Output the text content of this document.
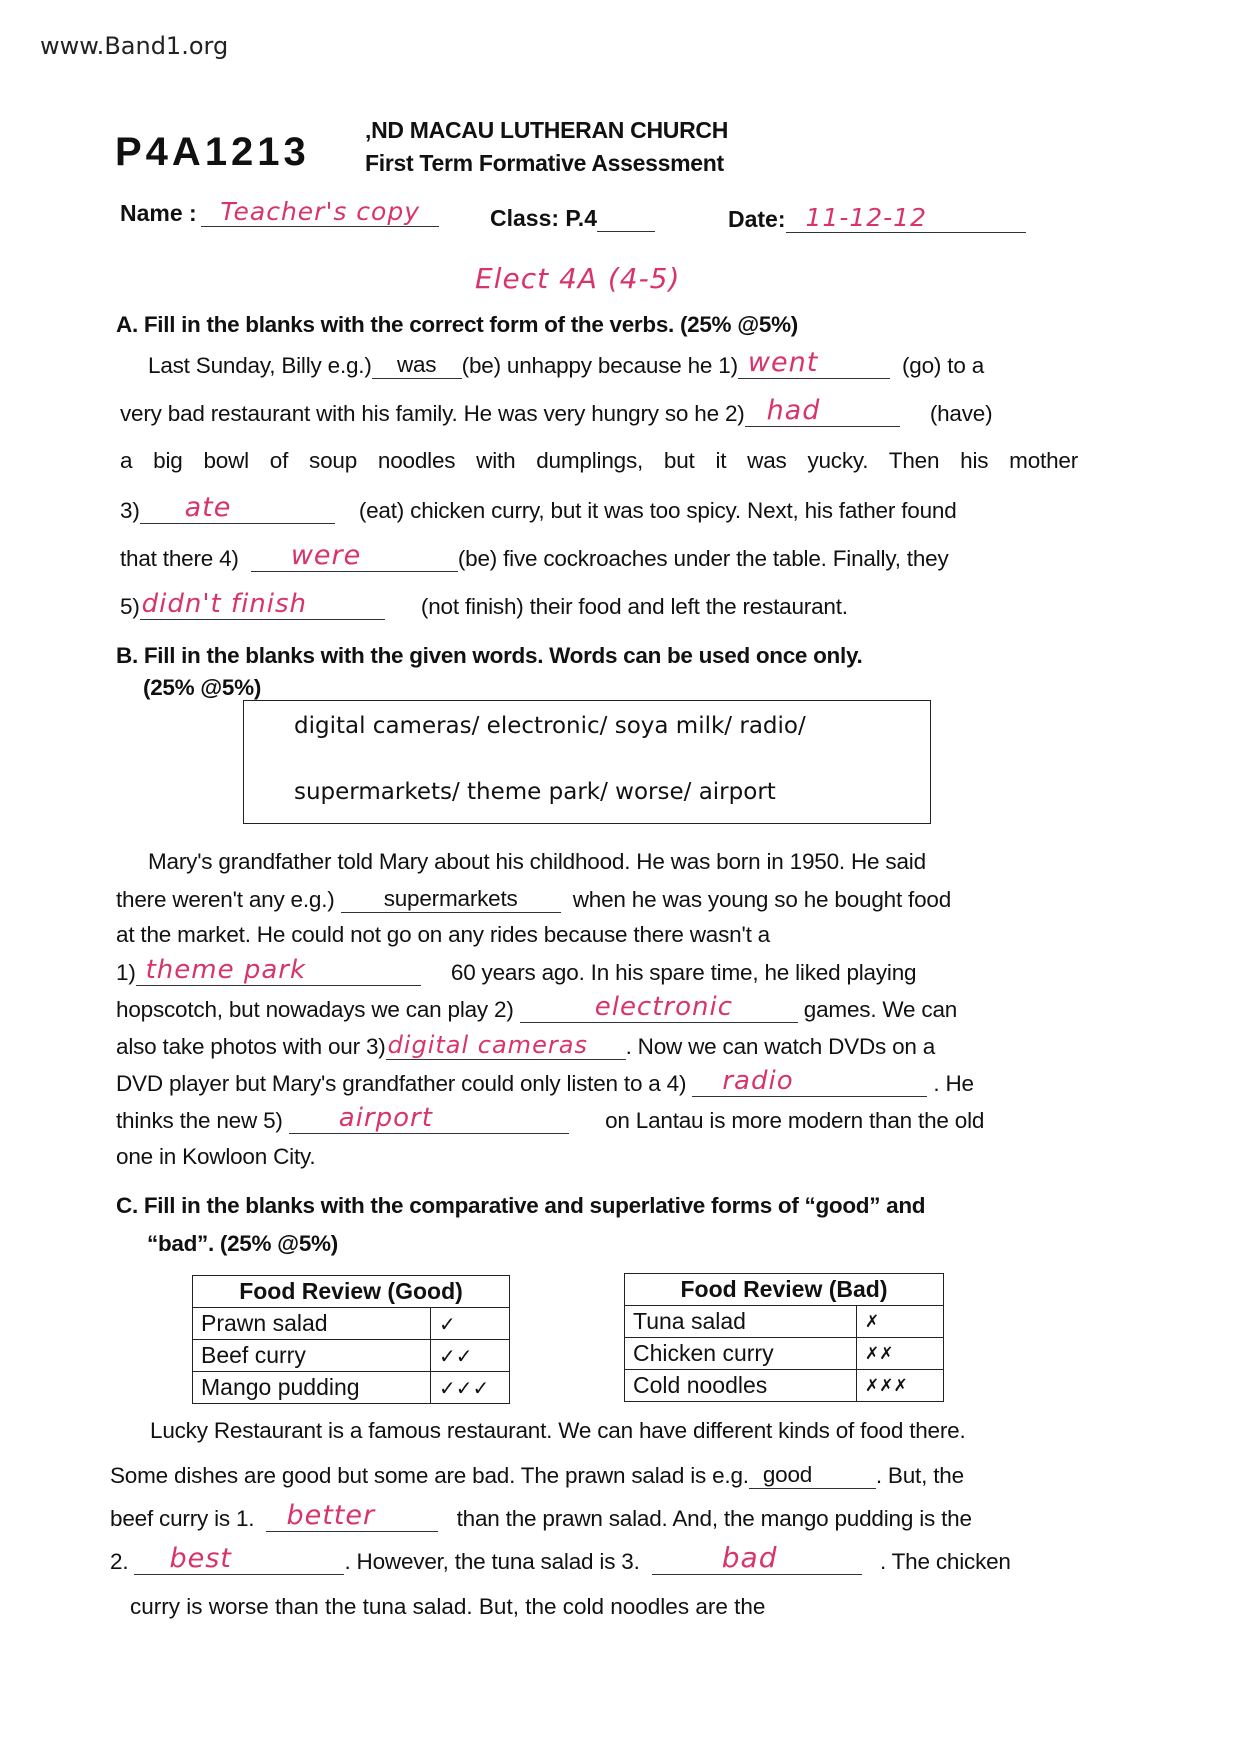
www.Band1.org
‚ND MACAU LUTHERAN CHURCH
First Term Formative Assessment
P4A1213
Name : Teacher's copy	Class: P.4	Date: 11-12-12
Elect 4A (4-5)
A. Fill in the blanks with the correct form of the verbs. (25% @5%)
Last Sunday, Billy e.g.)	was	(be) unhappy because he 1) went	(go) to a
very bad restaurant with his family. He was very hungry so he 2) had	(have)
a big bowl of soup noodles with dumplings, but it was yucky. Then his mother
3) ate	(eat) chicken curry, but it was too spicy. Next, his father found
that there 4) were	(be) five cockroaches under the table. Finally, they
5) didn't finish	(not finish) their food and left the restaurant.
B. Fill in the blanks with the given words. Words can be used once only.
(25% @5%)
digital cameras/ electronic/ soya milk/ radio/
supermarkets/ theme park/ worse/ airport
Mary's grandfather told Mary about his childhood. He was born in 1950. He said
there weren't any e.g.)	supermarkets	when he was young so he bought food
at the market. He could not go on any rides because there wasn't a
1) theme park	60 years ago. In his spare time, he liked playing
hopscotch, but nowadays we can play 2)	electronic	games. We can
also take photos with our 3) digital cameras	. Now we can watch DVDs on a
DVD player but Mary's grandfather could only listen to a 4) radio	. He
thinks the new 5) airport	on Lantau is more modern than the old
one in Kowloon City.
C. Fill in the blanks with the comparative and superlative forms of “good” and
“bad”. (25% @5%)
Food Review (Good)	
Prawn salad	✓
Beef curry	✓✓
Mango pudding	✓✓✓
Food Review (Bad)	
Tuna salad	✗
Chicken curry	✗✗
Cold noodles	✗✗✗
Lucky Restaurant is a famous restaurant. We can have different kinds of food there.
Some dishes are good but some are bad. The prawn salad is e.g. good	. But, the
beef curry is 1. better	than the prawn salad. And, the mango pudding is the
2. best	. However, the tuna salad is 3.	bad	. The chicken
curry is worse than the tuna salad. But, the cold noodles are the
